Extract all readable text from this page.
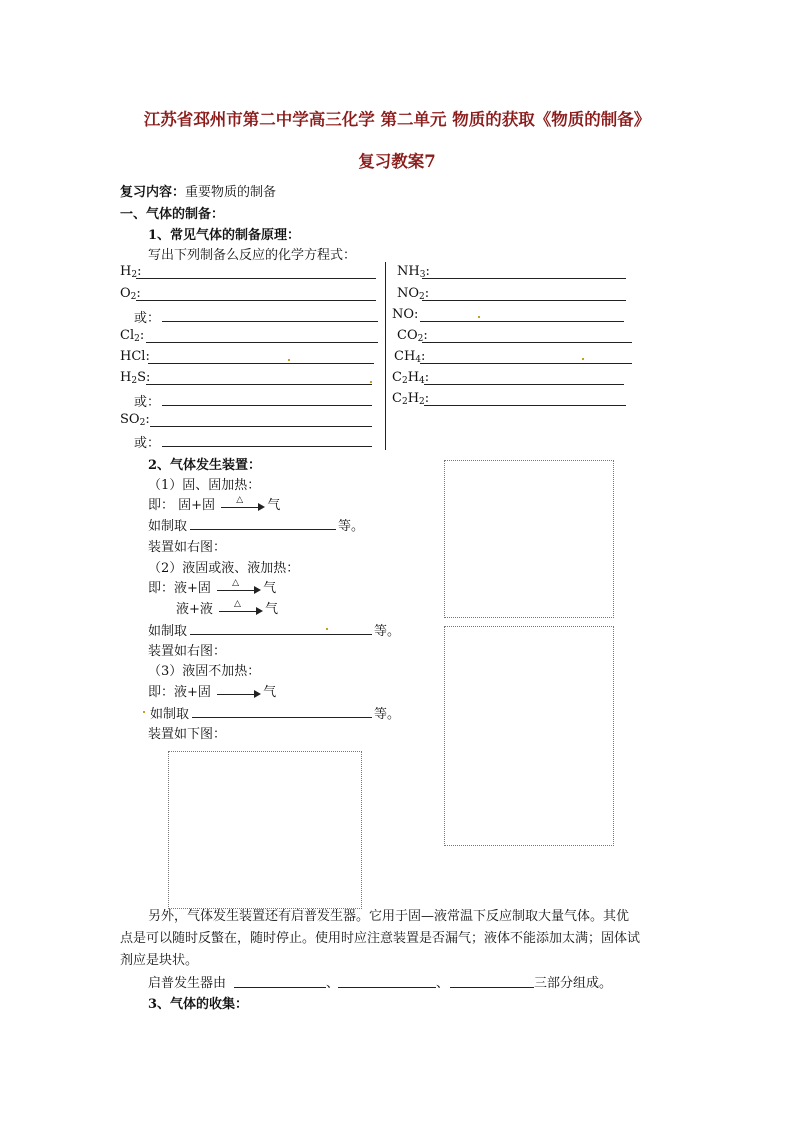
江苏省邳州市第二中学高三化学 第二单元 物质的获取《物质的制备》
复习教案7
复习内容：重要物质的制备
一、气体的制备：
1、常见气体的制备原理：
写出下列制备么反应的化学方程式：
$H_2$:
$O_2$:
或：
$Cl_2$:
HCl:
$H_2S$:
或：
$SO_2$:
或：
$NH_3$:
$NO_2$:
NO:
$CO_2$:
$CH_4$:
$C_2H_4$:
$C_2H_2$:
2、气体发生装置：
（1）固、固加热：
即： 固+固 △ 气
如制取	等。
装置如右图：
（2）液固或液、液加热：
即：液+固 △ 气
液+液 △ 气
如制取	等。
装置如右图：
（3）液固不加热：
即：液+固	气
如制取	等。
装置如下图：
另外，气体发生装置还有启普发生器。它用于固—液常温下反应制取大量气体。其优点是可以随时反蟼在，随时停止。使用时应注意装置是否漏气；液体不能添加太满；固体试剂应是块状。
启普发生器由	、	、	三部分组成。
3、气体的收集：
